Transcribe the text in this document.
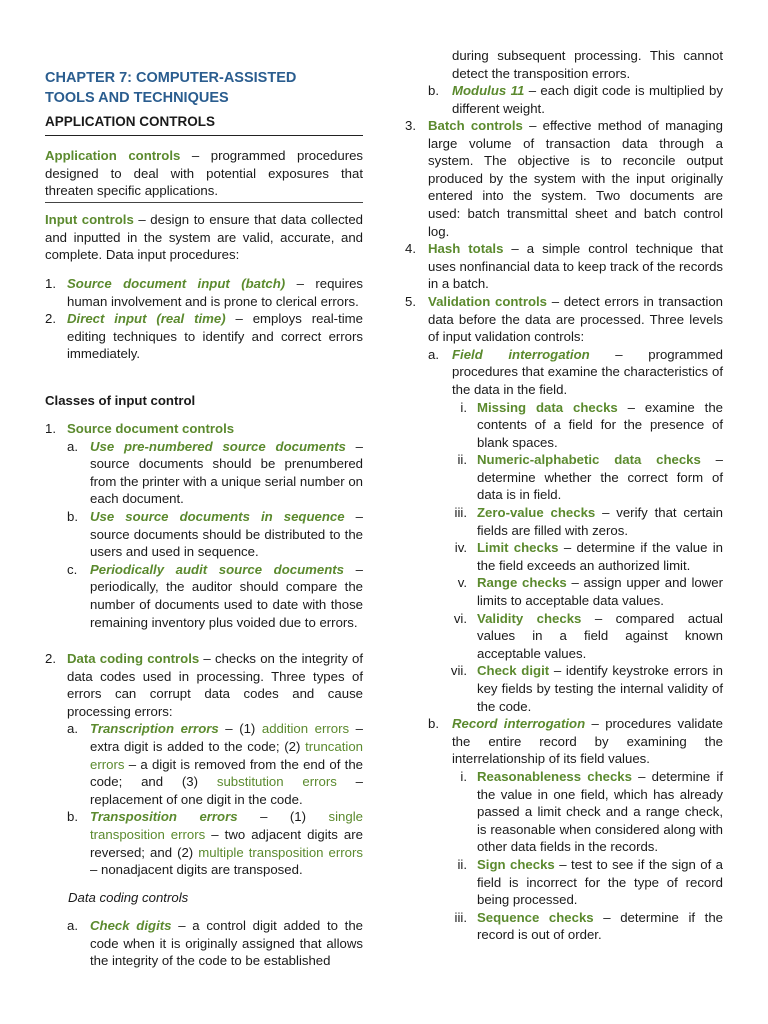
CHAPTER 7: COMPUTER-ASSISTED
TOOLS AND TECHNIQUES
APPLICATION CONTROLS
Application controls – programmed procedures designed to deal with potential exposures that threaten specific applications.
Input controls – design to ensure that data collected and inputted in the system are valid, accurate, and complete. Data input procedures:
1. Source document input (batch) – requires human involvement and is prone to clerical errors.
2. Direct input (real time) – employs real-time editing techniques to identify and correct errors immediately.
Classes of input control
1. Source document controls
a. Use pre-numbered source documents – source documents should be prenumbered from the printer with a unique serial number on each document.
b. Use source documents in sequence – source documents should be distributed to the users and used in sequence.
c. Periodically audit source documents – periodically, the auditor should compare the number of documents used to date with those remaining inventory plus voided due to errors.
2. Data coding controls – checks on the integrity of data codes used in processing. Three types of errors can corrupt data codes and cause processing errors:
a. Transcription errors – (1) addition errors – extra digit is added to the code; (2) truncation errors – a digit is removed from the end of the code; and (3) substitution errors – replacement of one digit in the code.
b. Transposition errors – (1) single transposition errors – two adjacent digits are reversed; and (2) multiple transposition errors – nonadjacent digits are transposed.
Data coding controls
a. Check digits – a control digit added to the code when it is originally assigned that allows the integrity of the code to be established
during subsequent processing. This cannot detect the transposition errors.
b. Modulus 11 – each digit code is multiplied by different weight.
3. Batch controls – effective method of managing large volume of transaction data through a system. The objective is to reconcile output produced by the system with the input originally entered into the system. Two documents are used: batch transmittal sheet and batch control log.
4. Hash totals – a simple control technique that uses nonfinancial data to keep track of the records in a batch.
5. Validation controls – detect errors in transaction data before the data are processed. Three levels of input validation controls:
a. Field interrogation – programmed procedures that examine the characteristics of the data in the field.
i. Missing data checks – examine the contents of a field for the presence of blank spaces.
ii. Numeric-alphabetic data checks – determine whether the correct form of data is in field.
iii. Zero-value checks – verify that certain fields are filled with zeros.
iv. Limit checks – determine if the value in the field exceeds an authorized limit.
v. Range checks – assign upper and lower limits to acceptable data values.
vi. Validity checks – compared actual values in a field against known acceptable values.
vii. Check digit – identify keystroke errors in key fields by testing the internal validity of the code.
b. Record interrogation – procedures validate the entire record by examining the interrelationship of its field values.
i. Reasonableness checks – determine if the value in one field, which has already passed a limit check and a range check, is reasonable when considered along with other data fields in the records.
ii. Sign checks – test to see if the sign of a field is incorrect for the type of record being processed.
iii. Sequence checks – determine if the record is out of order.
